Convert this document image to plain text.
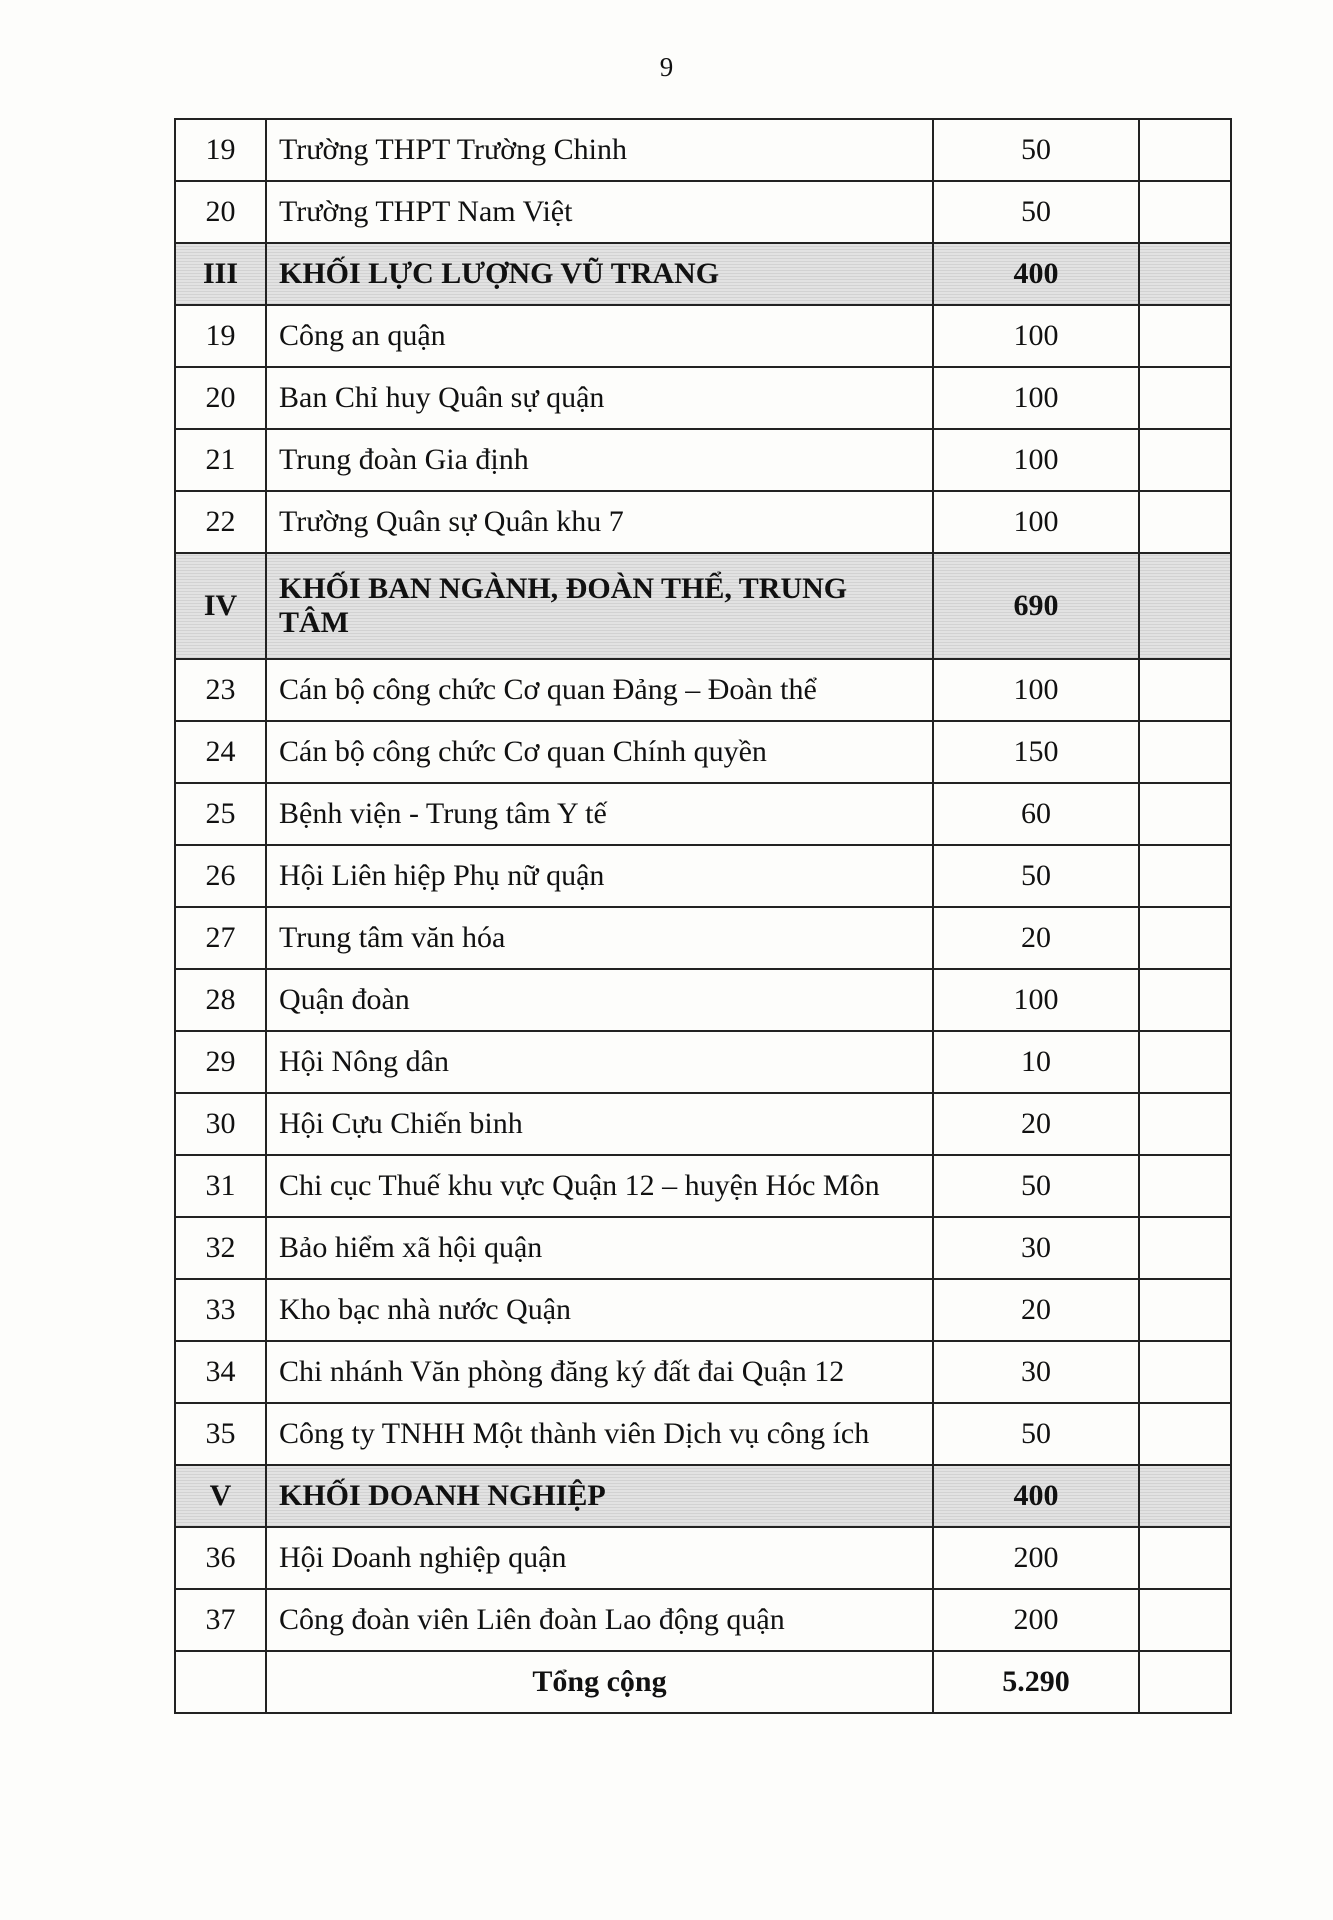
9
19	Trường THPT Trường Chinh	50	
20	Trường THPT Nam Việt	50	
III	KHỐI LỰC LƯỢNG VŨ TRANG	400	
19	Công an quận	100	
20	Ban Chỉ huy Quân sự quận	100	
21	Trung đoàn Gia định	100	
22	Trường Quân sự Quân khu 7	100	
IV	KHỐI BAN NGÀNH, ĐOÀN THỂ, TRUNG TÂM	690	
23	Cán bộ công chức Cơ quan Đảng – Đoàn thể	100	
24	Cán bộ công chức Cơ quan Chính quyền	150	
25	Bệnh viện - Trung tâm Y tế	60	
26	Hội Liên hiệp Phụ nữ quận	50	
27	Trung tâm văn hóa	20	
28	Quận đoàn	100	
29	Hội Nông dân	10	
30	Hội Cựu Chiến binh	20	
31	Chi cục Thuế khu vực Quận 12 – huyện Hóc Môn	50	
32	Bảo hiểm xã hội quận	30	
33	Kho bạc nhà nước Quận	20	
34	Chi nhánh Văn phòng đăng ký đất đai Quận 12	30	
35	Công ty TNHH Một thành viên Dịch vụ công ích	50	
V	KHỐI DOANH NGHIỆP	400	
36	Hội Doanh nghiệp quận	200	
37	Công đoàn viên Liên đoàn Lao động quận	200	
	Tổng cộng	5.290	
